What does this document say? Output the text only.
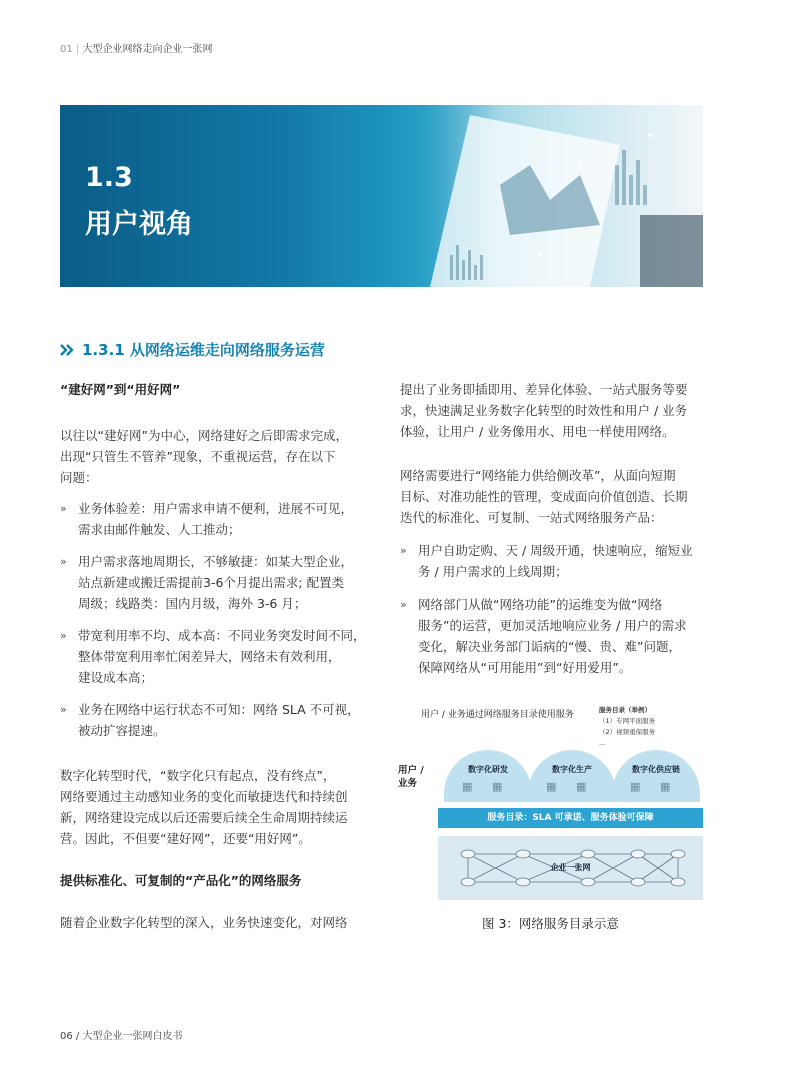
01 | 大型企业网络走向企业一张网
1.3
用户视角
1.3.1 从网络运维走向网络服务运营

“建好网”到“用好网”

以往以“建好网”为中心，网络建好之后即需求完成，

出现“只管生不管养”现象，不重视运营，存在以下

问题：

» 业务体验差：用户需求申请不便利，进展不可见，

需求由邮件触发、人工推动；

» 用户需求落地周期长，不够敏捷：如某大型企业，

站点新建或搬迁需提前3-6个月提出需求; 配置类

周级；线路类：国内月级，海外 3-6 月；

» 带宽利用率不均、成本高：不同业务突发时间不同，

整体带宽利用率忙闲差异大，网络未有效利用，

建设成本高；

» 业务在网络中运行状态不可知：网络 SLA 不可视，

被动扩容提速。

数字化转型时代，“数字化只有起点，没有终点”，

网络要通过主动感知业务的变化而敏捷迭代和持续创

新，网络建设完成以后还需要后续全生命周期持续运

营。因此，不但要“建好网”，还要“用好网”。

提供标准化、可复制的“产品化”的网络服务

随着企业数字化转型的深入，业务快速变化，对网络

提出了业务即插即用、差异化体验、一站式服务等要

求，快速满足业务数字化转型的时效性和用户 / 业务

体验，让用户 / 业务像用水、用电一样使用网络。

网络需要进行“网络能力供给侧改革”，从面向短期

目标、对准功能性的管理，变成面向价值创造、长期

迭代的标准化、可复制、一站式网络服务产品：

» 用户自助定购、天 / 周级开通，快速响应，缩短业

务 / 用户需求的上线周期；

» 网络部门从做“网络功能”的运维变为做“网络

服务”的运营，更加灵活地响应业务 / 用户的需求

变化，解决业务部门诟病的“慢、贵、难”问题，

保障网络从“可用能用”到“好用爱用”。

用户 / 业务通过网络服务目录使用服务	服务目录（举例）
（1）专网平面服务
（2）视频重保服务
...
用户 /
业务
数字化研发
▦ ▦
数字化生产
▦ ▦
数字化供应链
▦ ▦
服务目录：SLA 可承诺、服务体验可保障
企业一张网
图 3：网络服务目录示意
06 / 大型企业一张网白皮书
